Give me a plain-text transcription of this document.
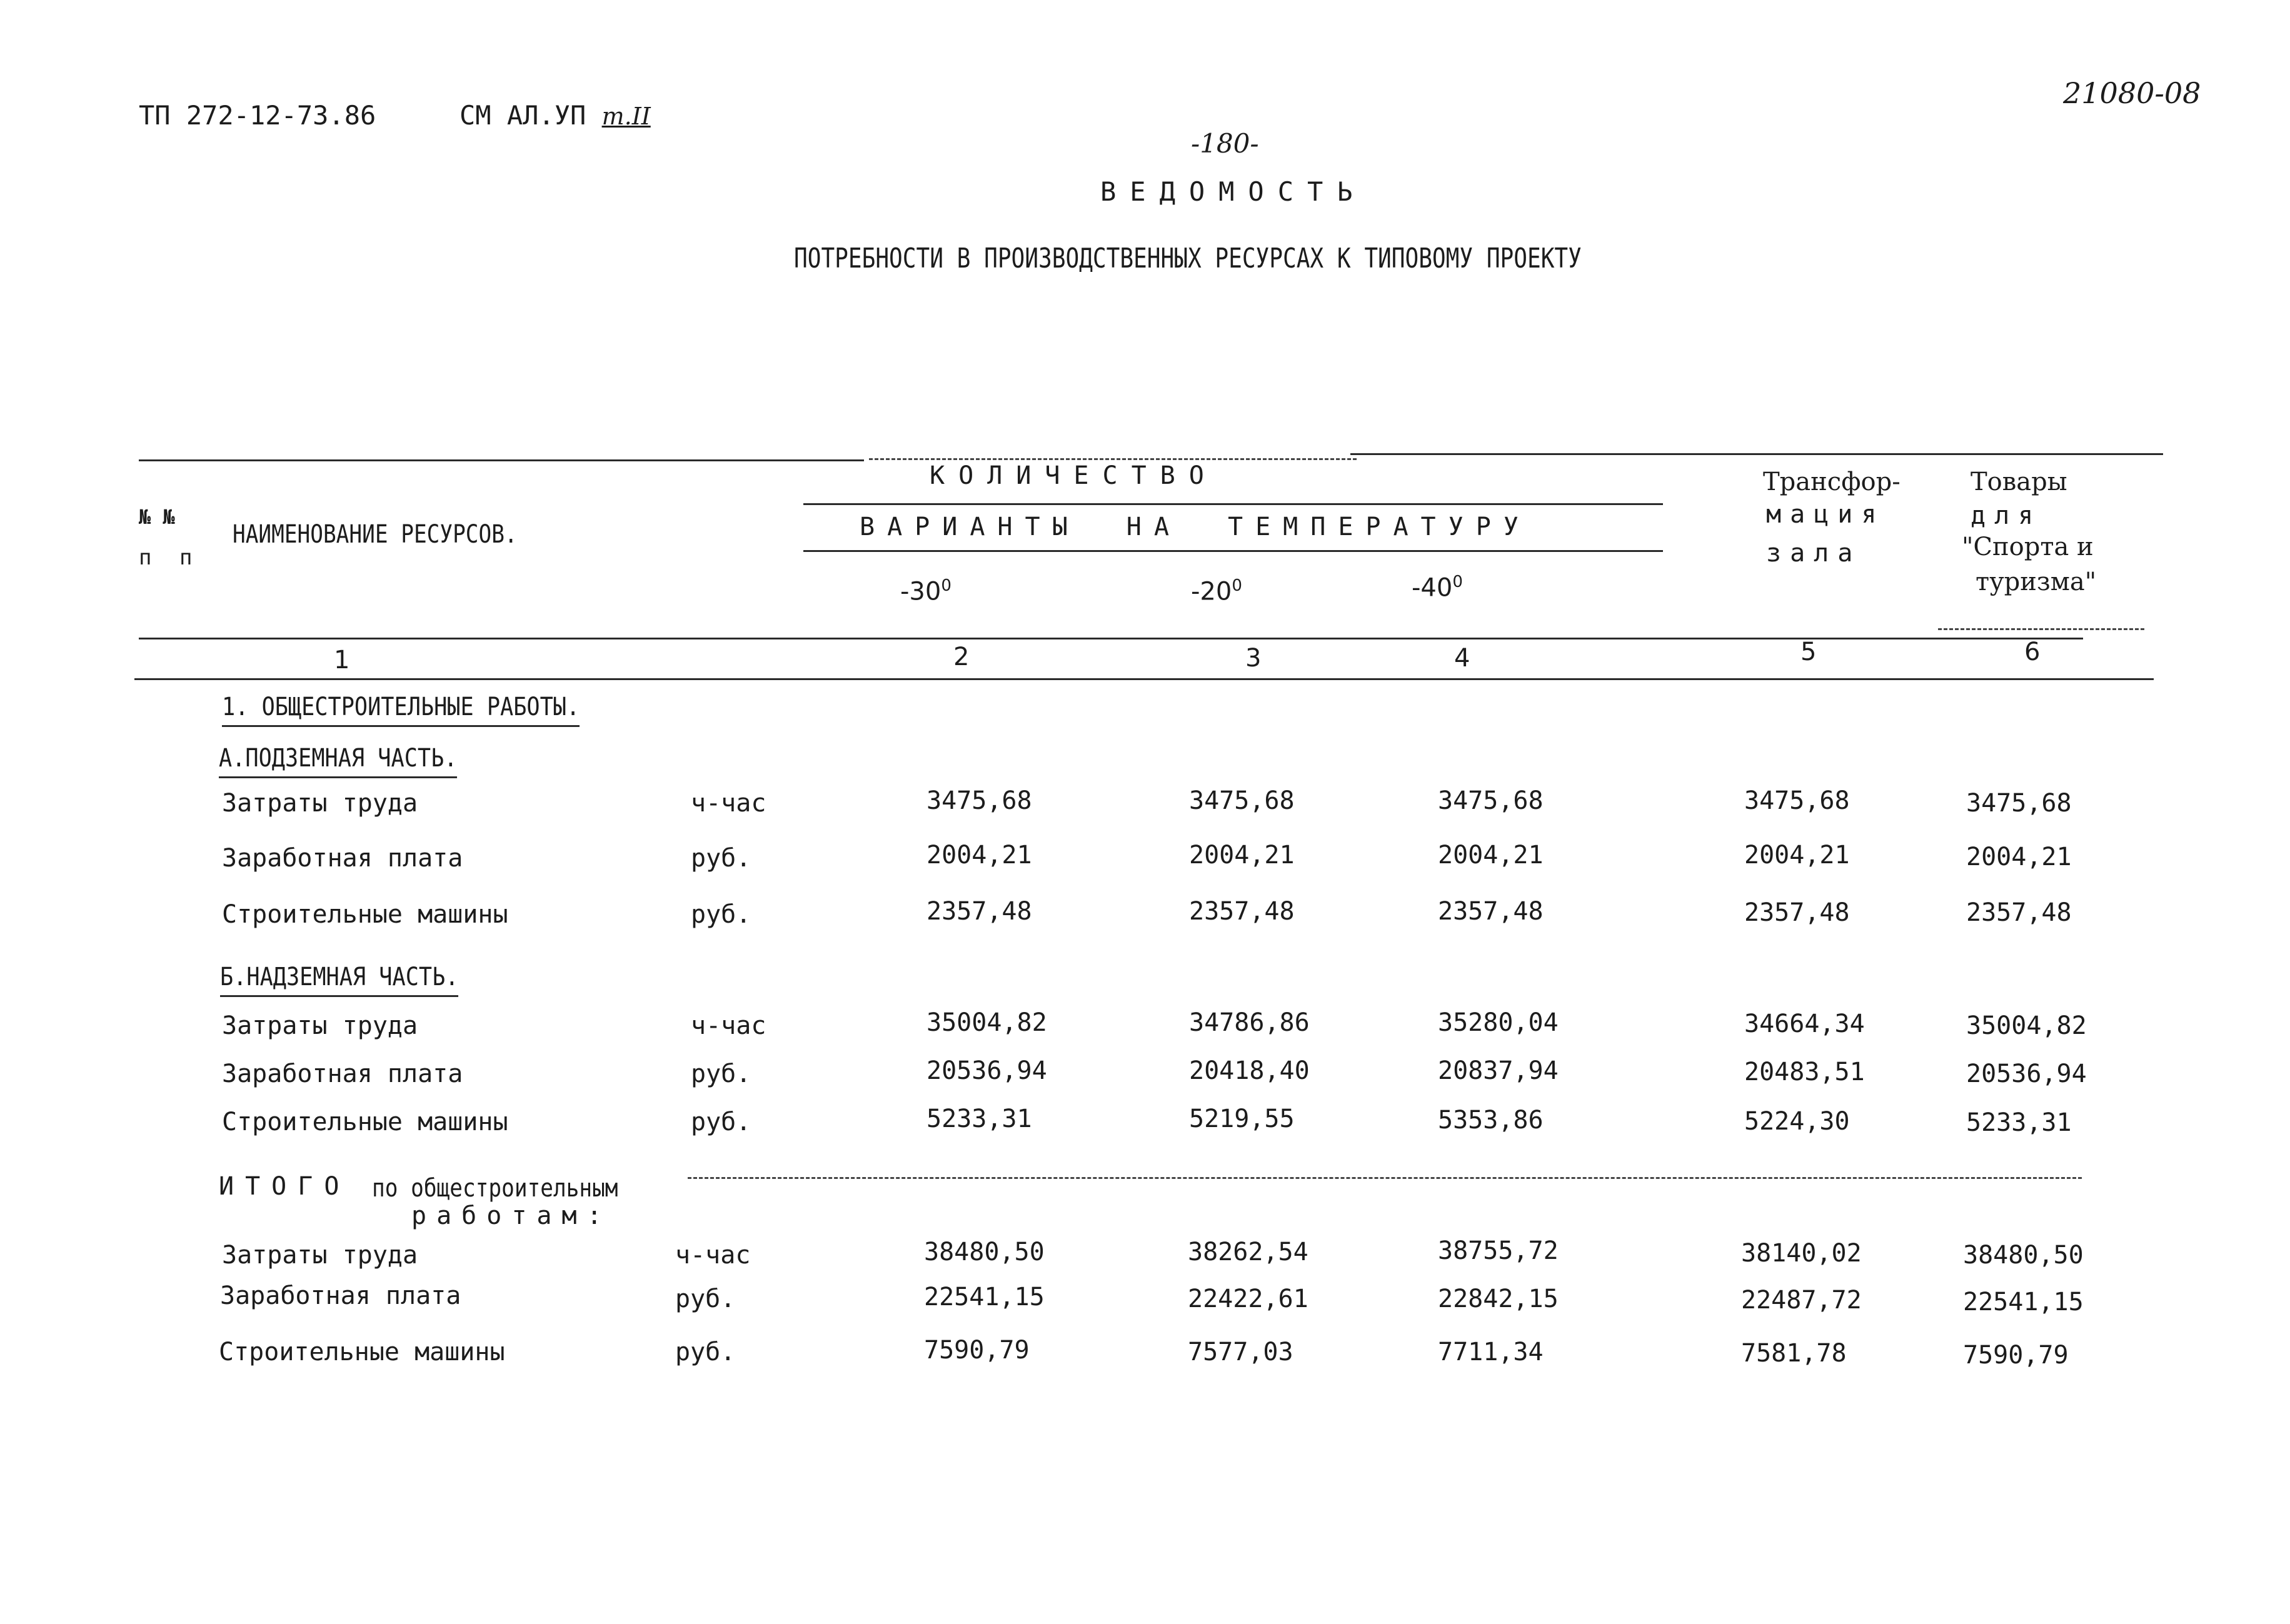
ТП 272-12-73.86	СМ АЛ.УП т.II
21080-08
-180-
ВЕДОМОСТЬ
ПОТРЕБНОСТИ В ПРОИЗВОДСТВЕННЫХ РЕСУРСАХ К ТИПОВОМУ ПРОЕКТУ
№ №
п п
НАИМЕНОВАНИЕ РЕСУРСОВ.
КОЛИЧЕСТВО
ВАРИАНТЫ НА ТЕМПЕРАТУРУ
$-30^0$	$-20^0$	$-40^0$
Трансфор-
мация
зала
Товары
для
"Спорта и
туризма"
1	2	3	4	5	6
1. ОБЩЕСТРОИТЕЛЬНЫЕ РАБОТЫ.
А.ПОДЗЕМНАЯ ЧАСТЬ.
Затраты труда	ч-час	3475,68	3475,68	3475,68	3475,68	3475,68
Заработная плата	руб.	2004,21	2004,21	2004,21	2004,21	2004,21
Строительные машины	руб.	2357,48	2357,48	2357,48	2357,48	2357,48
Б.НАДЗЕМНАЯ ЧАСТЬ.
Затраты труда	ч-час	35004,82	34786,86	35280,04	34664,34	35004,82
Заработная плата	руб.	20536,94	20418,40	20837,94	20483,51	20536,94
Строительные машины	руб.	5233,31	5219,55	5353,86	5224,30	5233,31
ИТОГО по общестроительным
работам:
Затраты труда	ч-час	38480,50	38262,54	38755,72	38140,02	38480,50
Заработная плата	руб.	22541,15	22422,61	22842,15	22487,72	22541,15
Строительные машины	руб.	7590,79	7577,03	7711,34	7581,78	7590,79
